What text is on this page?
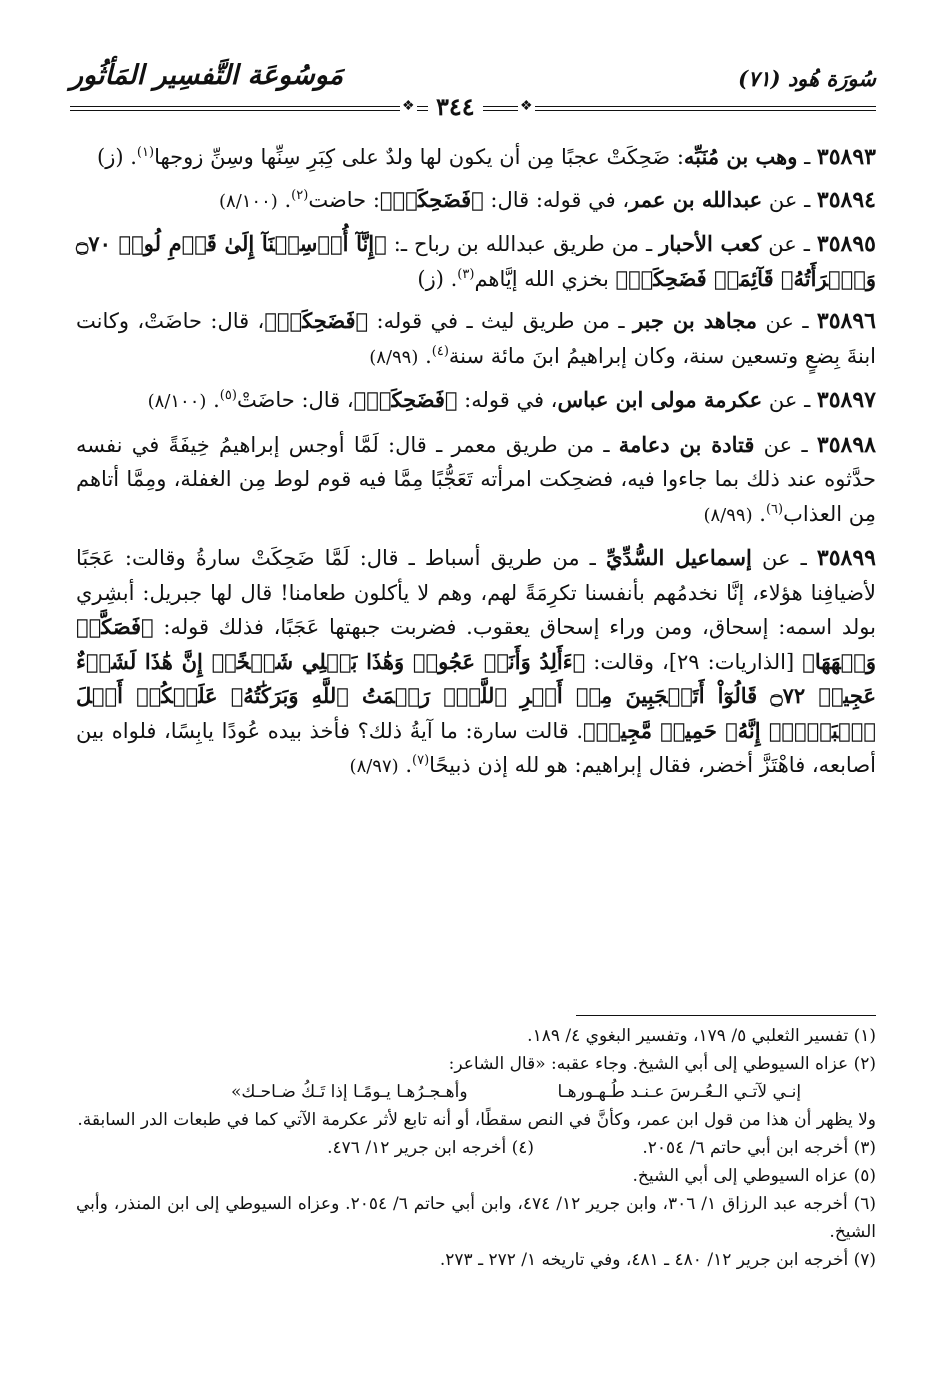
سُورَة هُود (٧١)
مَوسُوعَة التَّفسِير المَأثُور
❖	❖
٣٤٤

٣٥٨٩٣ ـ وهب بن مُنَبِّه: ضَحِكَتْ عجبًا مِن أن يكون لها ولدٌ على كِبَرِ سِنِّها وسِنِّ زوجها$^{(١)}$. (ز)

٣٥٨٩٤ ـ عن عبدالله بن عمر، في قوله: قال: ﴿فَضَحِكَتۡ﴾: حاضت$^{(٢)}$. (٨/١٠٠)

٣٥٨٩٥ ـ عن كعب الأحبار ـ من طريق عبدالله بن رباح ـ: ﴿إِنَّآ أُرۡسِلۡنَآ إِلَىٰ قَوۡمِ لُوطٖ ۝٧٠ وَٱمۡرَأَتُهُۥ قَآئِمَةٞ فَضَحِكَتۡ﴾ بخزي الله إيَّاهم$^{(٣)}$. (ز)

٣٥٨٩٦ ـ عن مجاهد بن جبر ـ من طريق ليث ـ في قوله: ﴿فَضَحِكَتۡ﴾، قال: حاضَتْ، وكانت ابنةَ بِضعٍ وتسعين سنة، وكان إبراهيمُ ابنَ مائة سنة$^{(٤)}$. (٨/٩٩)

٣٥٨٩٧ ـ عن عكرمة مولى ابن عباس، في قوله: ﴿فَضَحِكَتۡ﴾، قال: حاضَتْ$^{(٥)}$. (٨/١٠٠)

٣٥٨٩٨ ـ عن قتادة بن دعامة ـ من طريق معمر ـ قال: لَمَّا أوجس إبراهيمُ خِيفَةً في نفسه حدَّثوه عند ذلك بما جاءوا فيه، فضحِكت امرأته تَعَجُّبًا مِمَّا فيه قوم لوط مِن الغفلة، ومِمَّا أتاهم مِن العذاب$^{(٦)}$. (٨/٩٩)

٣٥٨٩٩ ـ عن إسماعيل السُّدِّيِّ ـ من طريق أسباط ـ قال: لَمَّا ضَحِكَتْ سارةُ وقالت: عَجَبًا لأضيافِنا هؤلاء، إنَّا نخدمُهم بأنفسنا تكرِمَةً لهم، وهم لا يأكلون طعامنا! قال لها جبريل: أبشِري بولد اسمه: إسحاق، ومن وراء إسحاق يعقوب. فضربت جبهتها عَجَبًا، فذلك قوله: ﴿فَصَكَّتۡ وَجۡهَهَا﴾ [الذاريات: ٢٩]، وقالت: ﴿ءَأَلِدُ وَأَنَا۠ عَجُوزٞ وَهَٰذَا بَعۡلِي شَيۡخًاۖ إِنَّ هَٰذَا لَشَيۡءٌ عَجِيبٞ ۝٧٢ قَالُوٓاْ أَتَعۡجَبِينَ مِنۡ أَمۡرِ ٱللَّهِۖ رَحۡمَتُ ٱللَّهِ وَبَرَكَٰتُهُۥ عَلَيۡكُمۡ أَهۡلَ ٱلۡبَيۡتِۚ إِنَّهُۥ حَمِيدٞ مَّجِيدٞ﴾. قالت سارة: ما آيةُ ذلك؟ فأخذ بيده عُودًا يابِسًا، فلواه بين أصابعه، فاهْتَزَّ أخضر، فقال إبراهيم: هو لله إذن ذبيحًا$^{(٧)}$. (٨/٩٧)

(١) تفسير الثعلبي ٥/ ١٧٩، وتفسير البغوي ٤/ ١٨٩.

(٢) عزاه السيوطي إلى أبي الشيخ. وجاء عقبه: «قال الشاعر:

إنـي لآتـي الـعُـرسَ عـنـد طُـهـورهـا
وأهـجـرُهـا يـومًـا إذا تَـكُ ضـاحـك»

ولا يظهر أن هذا من قول ابن عمر، وكأنَّ في النص سقطًا، أو أنه تابع لأثر عكرمة الآتي كما في طبعات الدر السابقة.

(٣) أخرجه ابن أبي حاتم ٦/ ٢٠٥٤.
(٤) أخرجه ابن جرير ١٢/ ٤٧٦.

(٥) عزاه السيوطي إلى أبي الشيخ.

(٦) أخرجه عبد الرزاق ١/ ٣٠٦، وابن جرير ١٢/ ٤٧٤، وابن أبي حاتم ٦/ ٢٠٥٤. وعزاه السيوطي إلى ابن المنذر، وأبي الشيخ.

(٧) أخرجه ابن جرير ١٢/ ٤٨٠ ـ ٤٨١، وفي تاريخه ١/ ٢٧٢ ـ ٢٧٣.
